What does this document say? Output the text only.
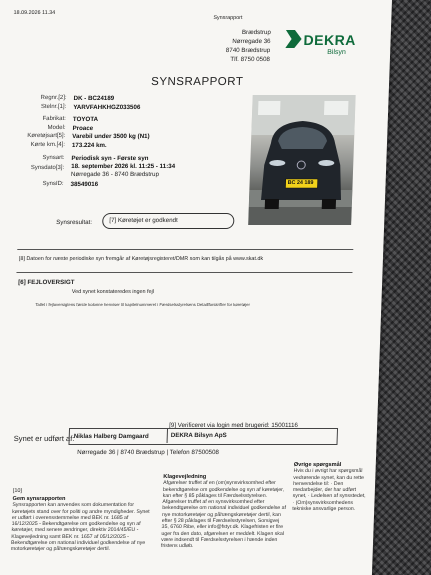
18.09.2026 11.34
Synsrapport
Brædstrup
Nørregade 36
8740 Brædstrup
Tlf. 8750 0508
DEKRA
Bilsyn
SYNSRAPPORT
Regnr.[2]: DK - BC24189
Stelnr.[1]: YARVFAHKHGZ033506
Fabrikat: TOYOTA
Model: Proace
Køretøjsart[5]: Varebil under 3500 kg (N1)
Kørte km.[4]: 173.224 km.
Synsart: Periodisk syn - Første syn
Synsdato[3]: 18. september 2026 kl. 11:25 - 11:34
Nørregade 36 - 8740 Brædstrup
SynsID: 38549016	BC 24 189
Synsresultat:	[7] Køretøjet er godkendt
[8] Datoen for næste periodiske syn fremgår af Køretøjsregisteret/DMR som kan tilgås på www.skat.dk
[6] FEJLOVERSIGT
Ved synet konstateredes ingen fejl
Tallet i fejloversigtens første kolonne henviser til kapitelnummeret i Færdselsstyrelsens Detaillforskrifter for køretøjer
[9] Verificeret via login med brugerid: 15001116
Synet er udført af: Niklas Halberg Damgaard	DEKRA Bilsyn ApS
Nørregade 36 | 8740 Brædstrup | Telefon 87500508
[10]
Gem synsrapporten
Synsrapporten kan anvendes som dokumentation for køretøjets stand over for politi og andre myndigheder. Synet er udført i overensstemmelse med BEK nr. 1685 af 16/12/2025 - Bekendtgørelse om godkendelse og syn af køretøjer, med senere ændringer, direktiv 2014/45/EU - Klagevejledning samt BEK nr. 1657 af 05/12/2025 - Bekendtgørelse om national individuel godkendelse af nye motorkøretøjer og påhængskøretøjer dertil.
Klagevejledning
Afgørelser truffet af en (om)synsvirksomhed efter bekendtgørelse om godkendelse og syn af køretøjer, kan efter § 85 påklages til Færdselsstyrelsen. Afgørelser truffet af en synsvirksomhed efter bekendtgørelse om national individuel godkendelse af nye motorkøretøjer og påhængskøretøjer dertil, kan efter § 28 påklages til Færdselsstyrelsen, Sorsigvej 35, 6760 Ribe, eller info@fstyr.dk. Klagefristen er fire uger fra den dato, afgørelsen er meddelt. Klagen skal være indsendt til Færdselsstyrelsen i hænde inden fristens udløb.
Øvrige spørgsmål
Hvis du i øvrigt har spørgsmål vedrørende synet, kan du rette henvendelse til: · Den medarbejder, der har udført synet, · Ledelsen af synsstedet, · (Om)synsvirksomhedens tekniske ansvarlige person.
